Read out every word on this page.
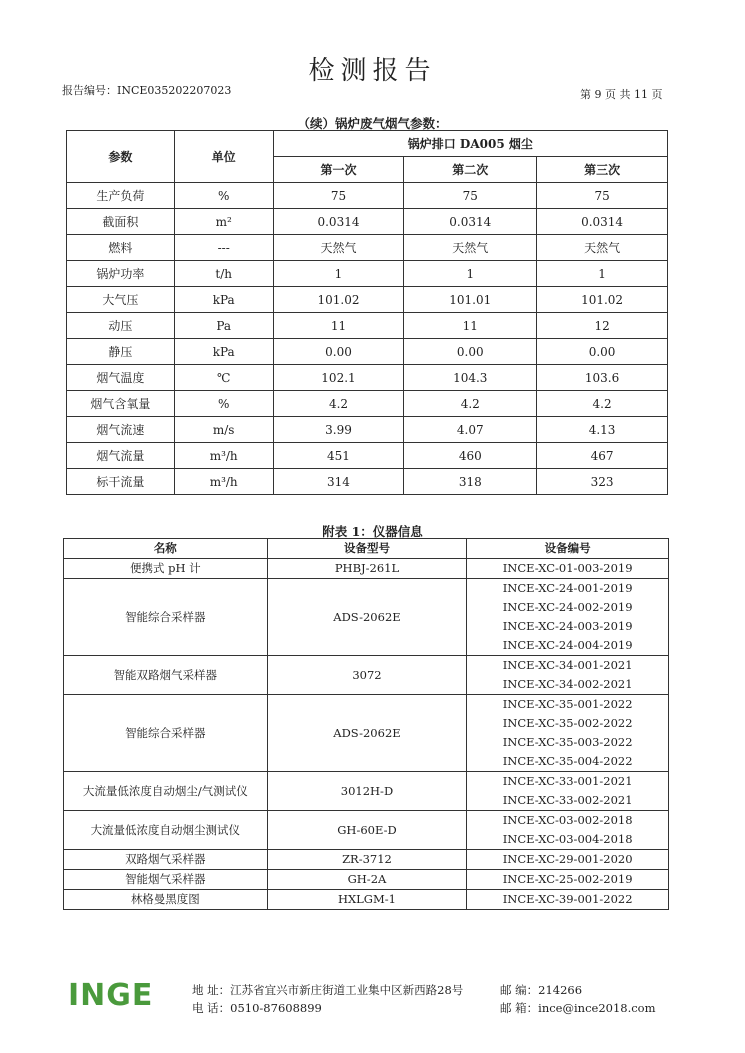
检测报告
报告编号：INCE035202207023	第 9 页 共 11 页
（续）锅炉废气烟气参数：
参数	单位	锅炉排口 DA005 烟尘		
		第一次	第二次	第三次
生产负荷	%	75	75	75
截面积	m²	0.0314	0.0314	0.0314
燃料	---	天然气	天然气	天然气
锅炉功率	t/h	1	1	1
大气压	kPa	101.02	101.01	101.02
动压	Pa	11	11	12
静压	kPa	0.00	0.00	0.00
烟气温度	℃	102.1	104.3	103.6
烟气含氧量	%	4.2	4.2	4.2
烟气流速	m/s	3.99	4.07	4.13
烟气流量	m³/h	451	460	467
标干流量	m³/h	314	318	323
附表 1：仪器信息
名称	设备型号	设备编号
便携式 pH 计	PHBJ-261L	INCE-XC-01-003-2019

智能综合采样器	ADS-2062E	INCE-XC-24-001-2019
INCE-XC-24-002-2019
INCE-XC-24-003-2019
INCE-XC-24-004-2019

智能双路烟气采样器	3072	INCE-XC-34-001-2021
INCE-XC-34-002-2021

智能综合采样器	ADS-2062E	INCE-XC-35-001-2022
INCE-XC-35-002-2022
INCE-XC-35-003-2022
INCE-XC-35-004-2022

大流量低浓度自动烟尘/气测试仪	3012H-D	INCE-XC-33-001-2021
INCE-XC-33-002-2021

大流量低浓度自动烟尘测试仪	GH-60E-D	INCE-XC-03-002-2018
INCE-XC-03-004-2018

双路烟气采样器	ZR-3712	INCE-XC-29-001-2020

智能烟气采样器	GH-2A	INCE-XC-25-002-2019

林格曼黑度图	HXLGM-1	INCE-XC-39-001-2022
INGE	地 址：江苏省宜兴市新庄街道工业集中区新西路28号
电 话：0510-87608899
邮 编：214266
邮 箱：ince@ince2018.com
